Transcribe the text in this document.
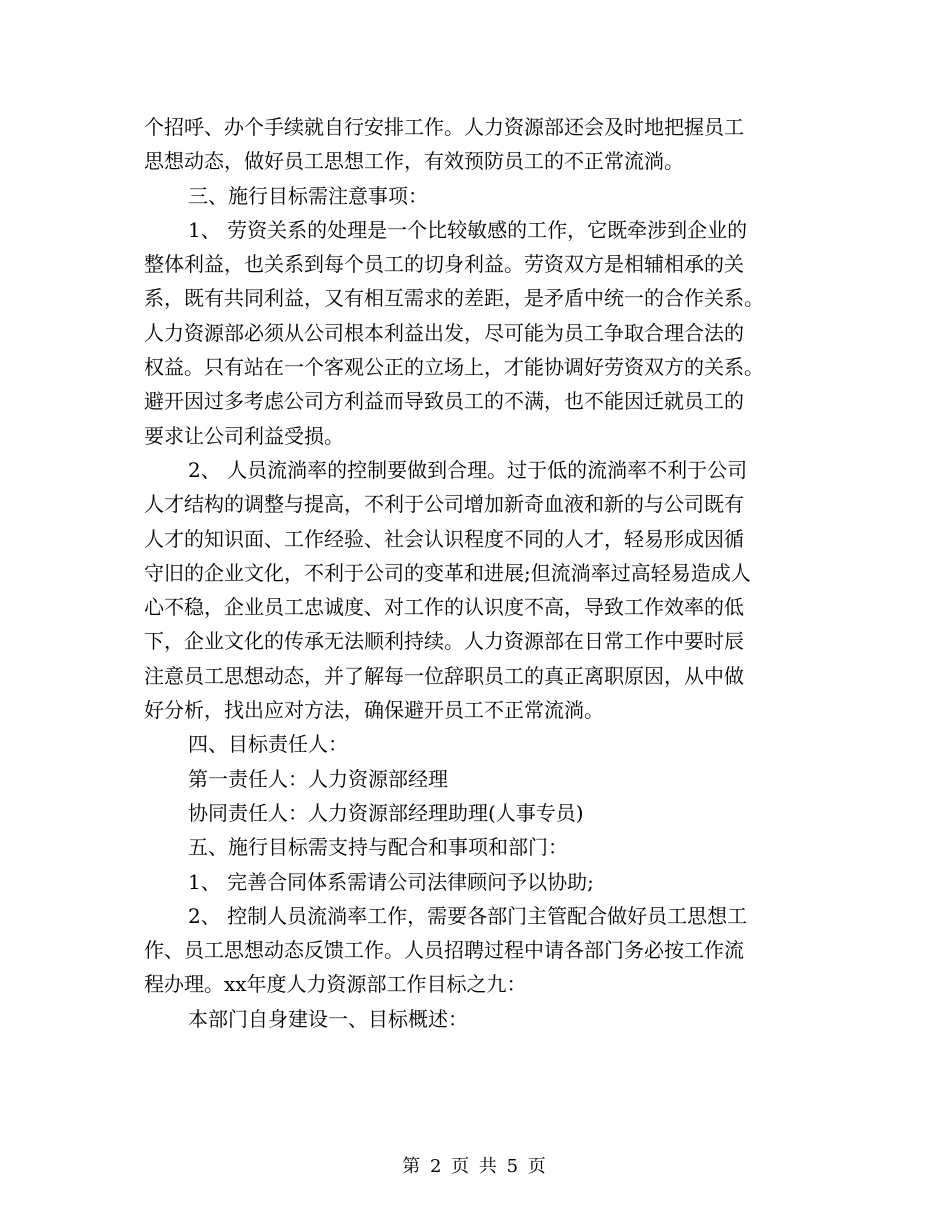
个招呼、办个手续就自行安排工作。人力资源部还会及时地把握员工
思想动态，做好员工思想工作，有效预防员工的不正常流淌。
三、施行目标需注意事项：
1、 劳资关系的处理是一个比较敏感的工作，它既牵涉到企业的
整体利益，也关系到每个员工的切身利益。劳资双方是相辅相承的关
系，既有共同利益，又有相互需求的差距，是矛盾中统一的合作关系。
人力资源部必须从公司根本利益出发，尽可能为员工争取合理合法的
权益。只有站在一个客观公正的立场上，才能协调好劳资双方的关系。
避开因过多考虑公司方利益而导致员工的不满，也不能因迁就员工的
要求让公司利益受损。
2、 人员流淌率的控制要做到合理。过于低的流淌率不利于公司
人才结构的调整与提高，不利于公司增加新奇血液和新的与公司既有
人才的知识面、工作经验、社会认识程度不同的人才，轻易形成因循
守旧的企业文化，不利于公司的变革和进展;但流淌率过高轻易造成人
心不稳，企业员工忠诚度、对工作的认识度不高，导致工作效率的低
下，企业文化的传承无法顺利持续。人力资源部在日常工作中要时辰
注意员工思想动态，并了解每一位辞职员工的真正离职原因，从中做
好分析，找出应对方法，确保避开员工不正常流淌。
四、目标责任人：
第一责任人：人力资源部经理
协同责任人：人力资源部经理助理(人事专员)
五、施行目标需支持与配合和事项和部门：
1、 完善合同体系需请公司法律顾问予以协助;
2、 控制人员流淌率工作，需要各部门主管配合做好员工思想工
作、员工思想动态反馈工作。人员招聘过程中请各部门务必按工作流
程办理。xx年度人力资源部工作目标之九：
本部门自身建设一、目标概述：
第 2 页 共 5 页
